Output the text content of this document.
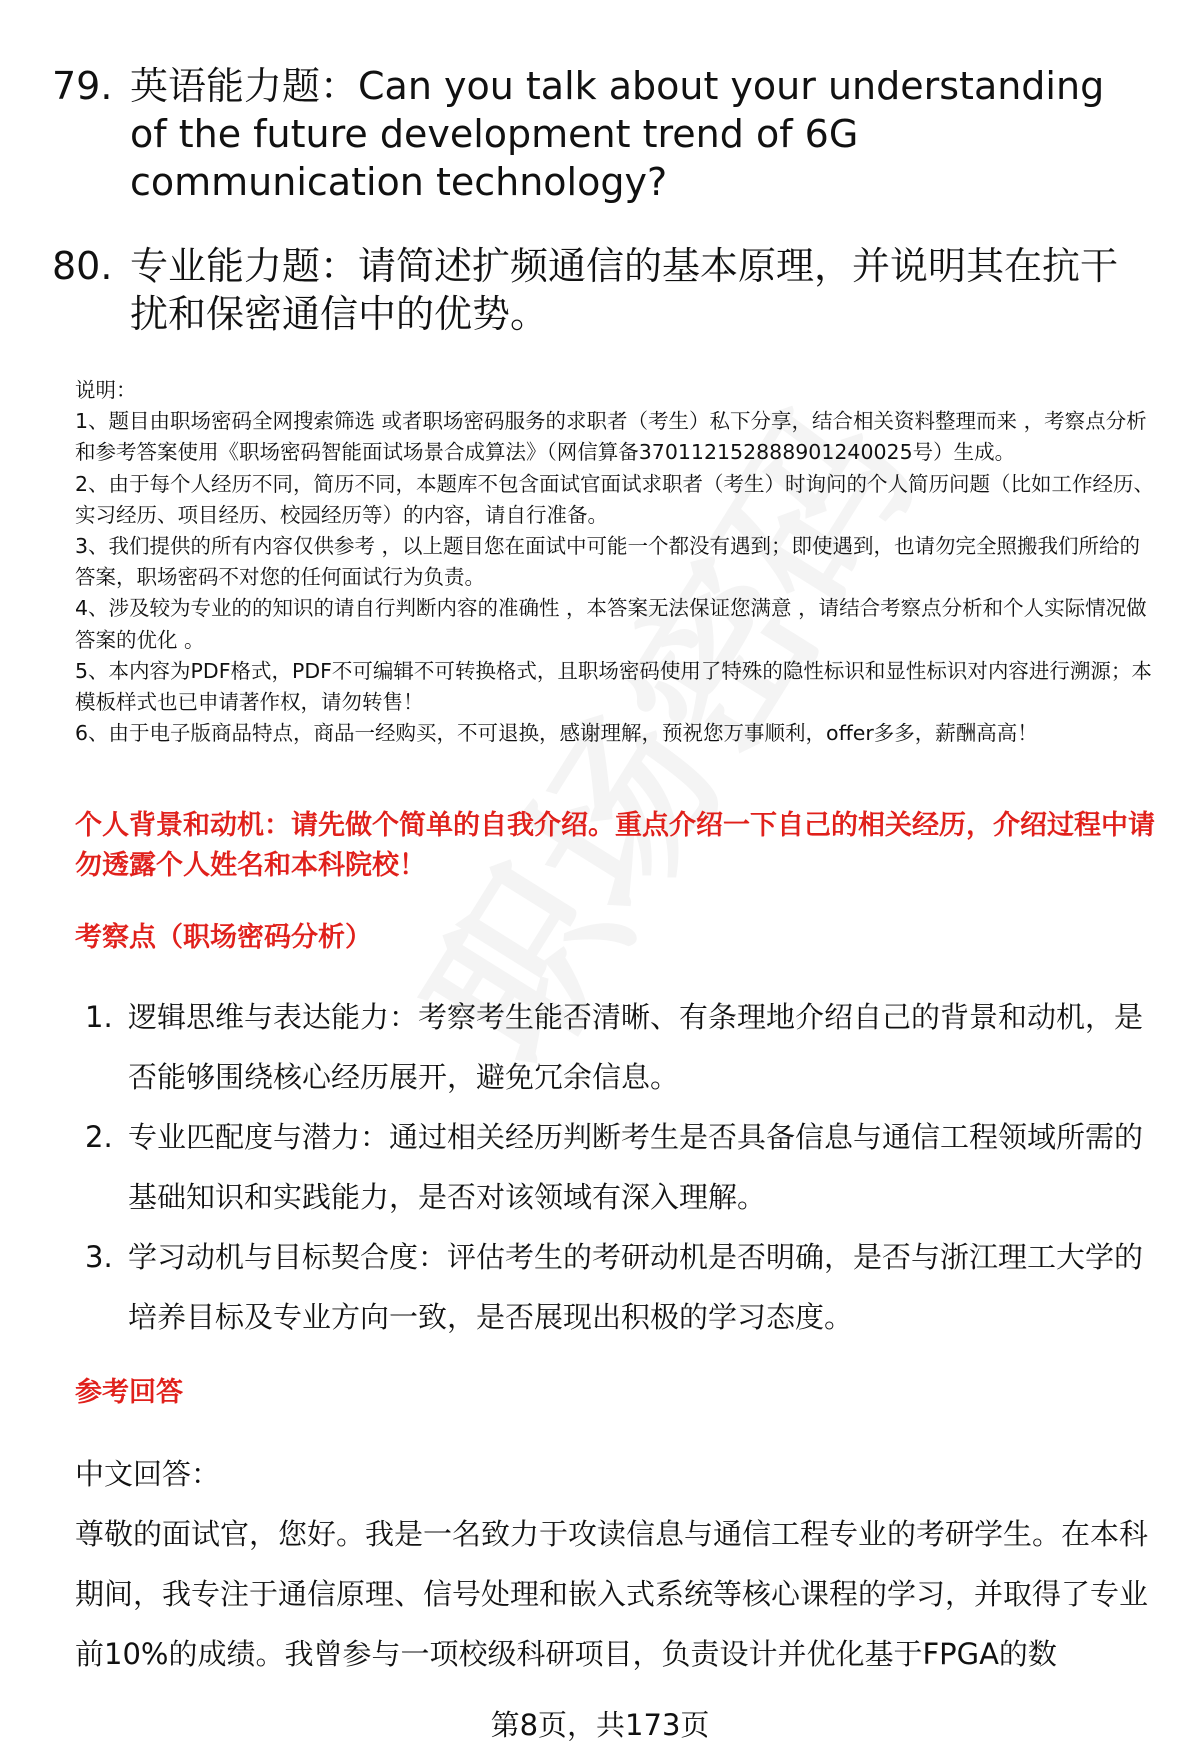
79. 英语能力题：Can you talk about your understanding of the future development trend of 6G communication technology?
80. 专业能力题：请简述扩频通信的基本原理，并说明其在抗干扰和保密通信中的优势。

说明：

1、题目由职场密码全网搜索筛选 或者职场密码服务的求职者（考生）私下分享，结合相关资料整理而来 ，考察点分析和参考答案使用《职场密码智能面试场景合成算法》（网信算备370112152888901240025号）生成。

2、由于每个人经历不同，简历不同，本题库不包含面试官面试求职者（考生）时询问的个人简历问题（比如工作经历、实习经历、项目经历、校园经历等）的内容，请自行准备。

3、我们提供的所有内容仅供参考 ，以上题目您在面试中可能一个都没有遇到；即使遇到，也请勿完全照搬我们所给的答案，职场密码不对您的任何面试行为负责。

4、涉及较为专业的的知识的请自行判断内容的准确性 ，本答案无法保证您满意 ，请结合考察点分析和个人实际情况做答案的优化 。

5、本内容为PDF格式，PDF不可编辑不可转换格式，且职场密码使用了特殊的隐性标识和显性标识对内容进行溯源；本模板样式也已申请著作权，请勿转售！

6、由于电子版商品特点，商品一经购买，不可退换，感谢理解，预祝您万事顺利，offer多多，薪酬高高！

个人背景和动机：请先做个简单的自我介绍。重点介绍一下自己的相关经历，介绍过程中请勿透露个人姓名和本科院校！
考察点（职场密码分析）
1. 逻辑思维与表达能力：考察考生能否清晰、有条理地介绍自己的背景和动机，是否能够围绕核心经历展开，避免冗余信息。
2. 专业匹配度与潜力：通过相关经历判断考生是否具备信息与通信工程领域所需的基础知识和实践能力，是否对该领域有深入理解。
3. 学习动机与目标契合度：评估考生的考研动机是否明确，是否与浙江理工大学的培养目标及专业方向一致，是否展现出积极的学习态度。
参考回答

中文回答：

尊敬的面试官，您好。我是一名致力于攻读信息与通信工程专业的考研学生。在本科期间，我专注于通信原理、信号处理和嵌入式系统等核心课程的学习，并取得了专业前10%的成绩。我曾参与一项校级科研项目，负责设计并优化基于FPGA的数

第8页，共173页
